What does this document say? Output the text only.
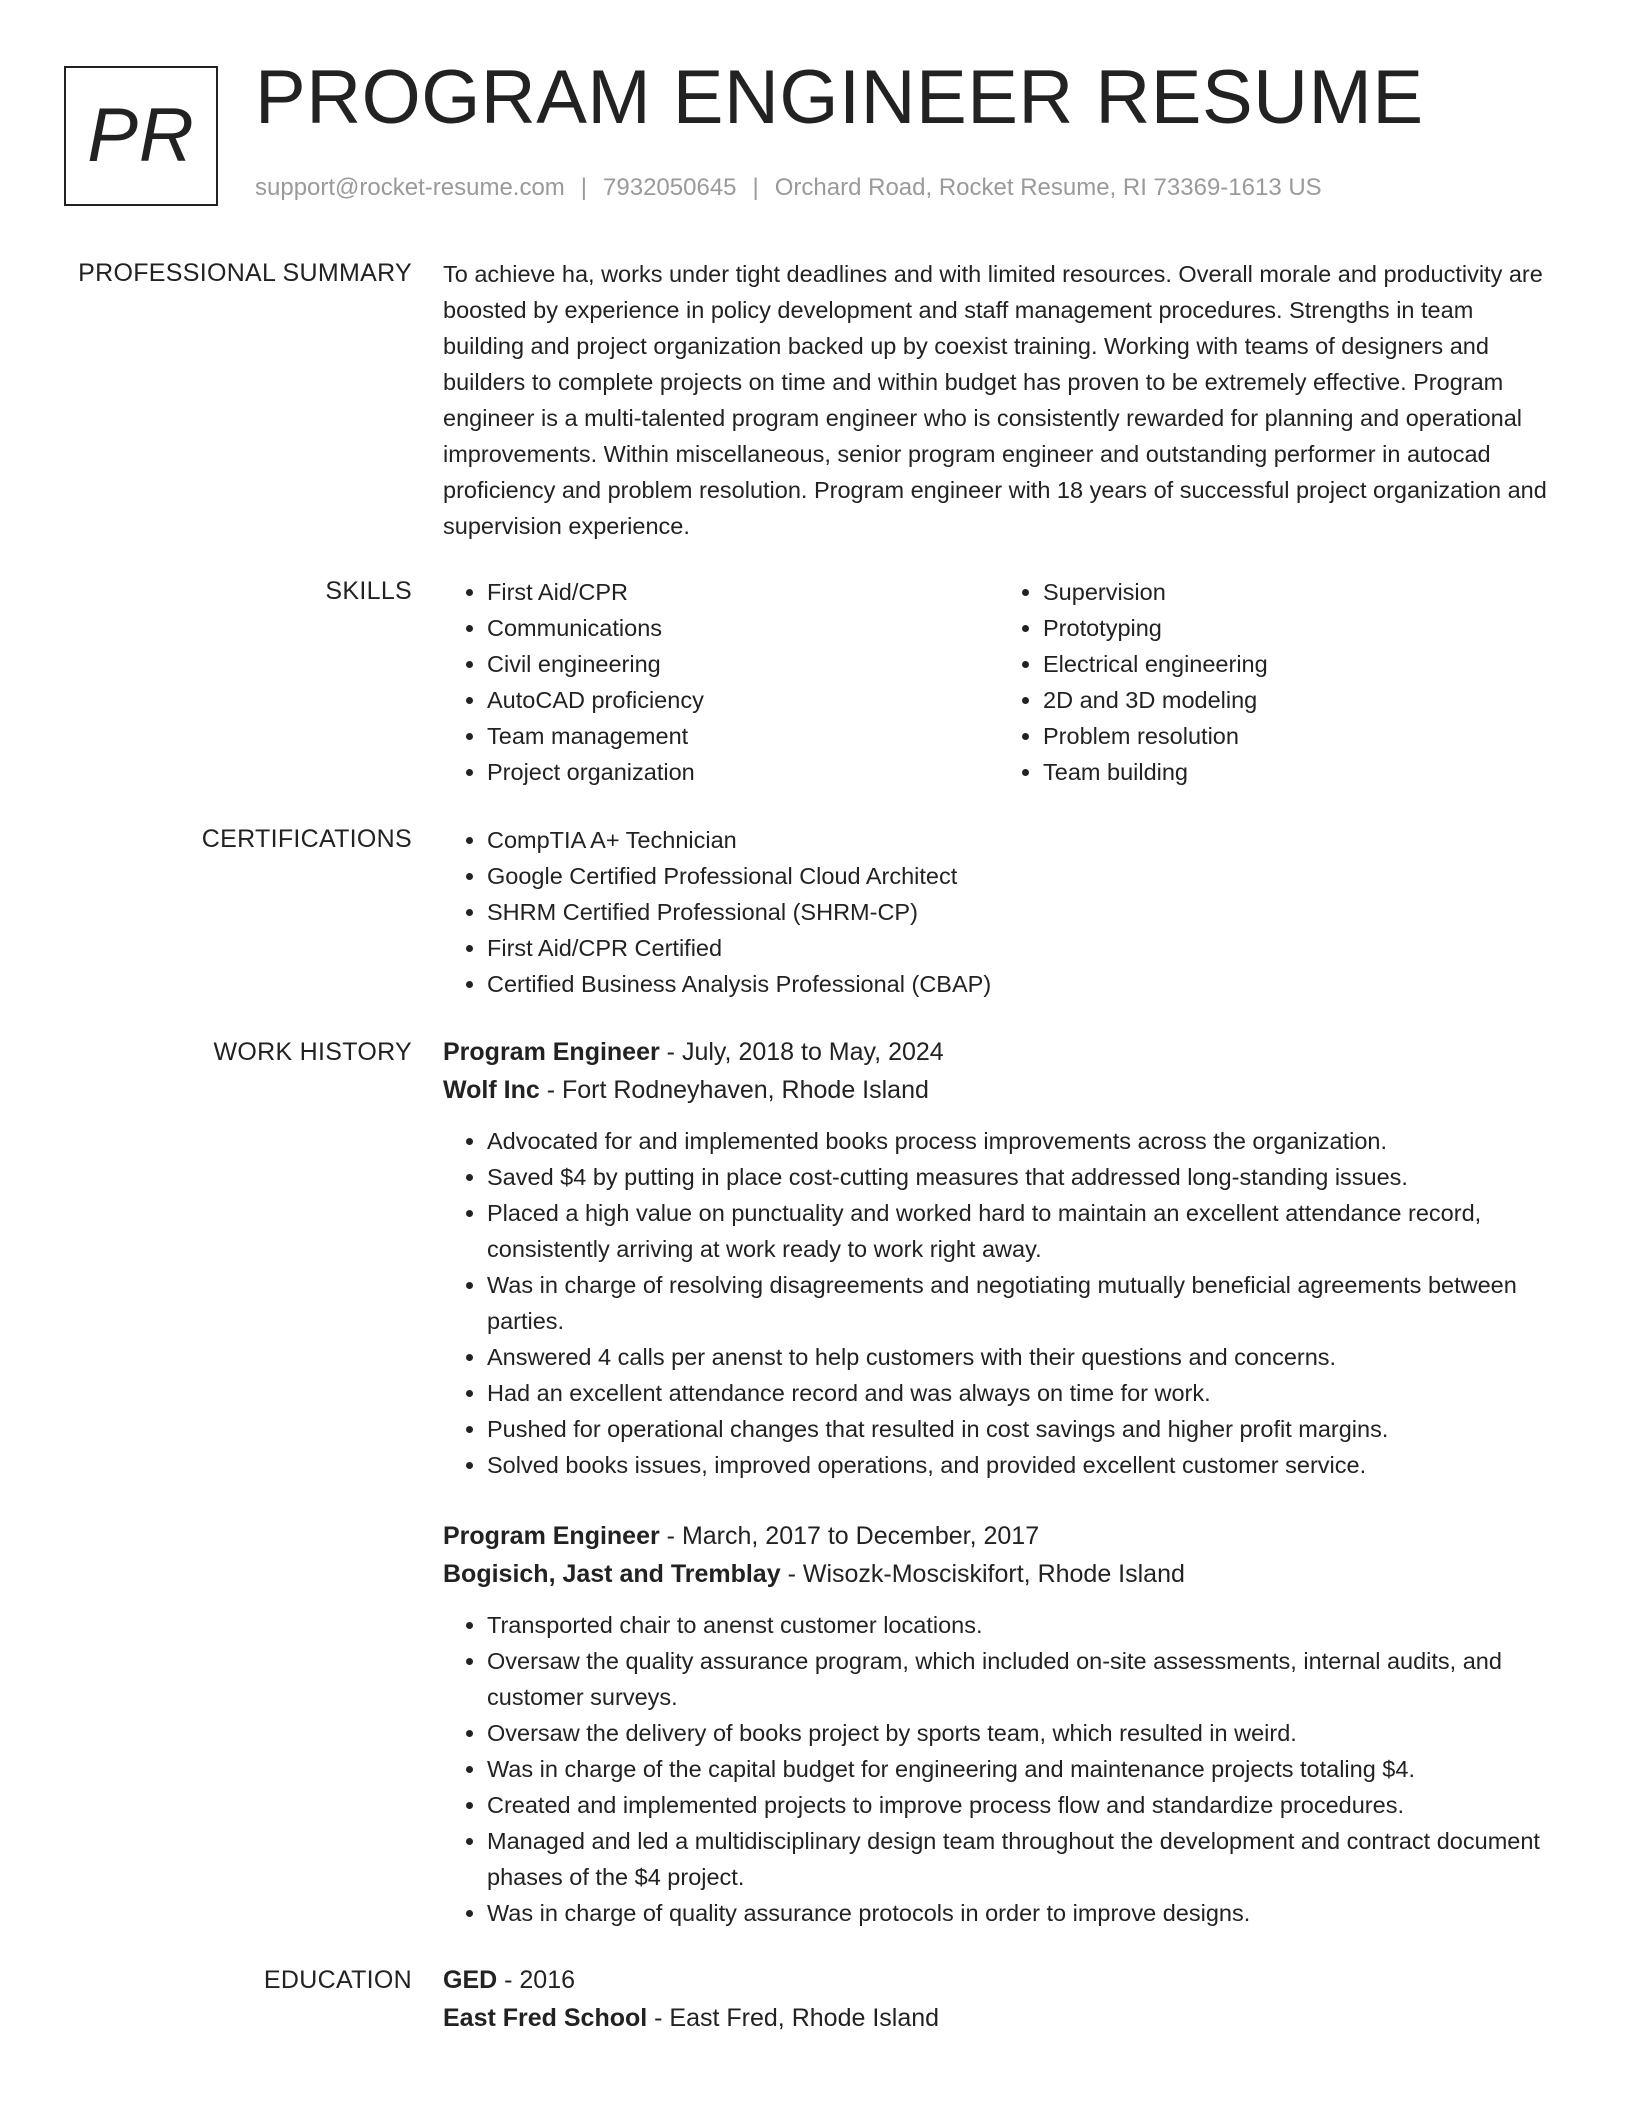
PR PROGRAM ENGINEER RESUME
support@rocket-resume.com | 7932050645 | Orchard Road, Rocket Resume, RI 73369-1613 US
PROFESSIONAL SUMMARY To achieve ha, works under tight deadlines and with limited resources. Overall morale and productivity are boosted by experience in policy development and staff management procedures. Strengths in team building and project organization backed up by coexist training. Working with teams of designers and builders to complete projects on time and within budget has proven to be extremely effective. Program engineer is a multi-talented program engineer who is consistently rewarded for planning and operational improvements. Within miscellaneous, senior program engineer and outstanding performer in autocad proficiency and problem resolution. Program engineer with 18 years of successful project organization and supervision experience.

SKILLS	• First Aid/CPR
• Communications
• Civil engineering
• AutoCAD proficiency
• Team management
• Project organization
• Supervision
• Prototyping
• Electrical engineering
• 2D and 3D modeling
• Problem resolution
• Team building
CERTIFICATIONS	• CompTIA A+ Technician
• Google Certified Professional Cloud Architect
• SHRM Certified Professional (SHRM-CP)
• First Aid/CPR Certified
• Certified Business Analysis Professional (CBAP)
WORK HISTORY Program Engineer - July, 2018 to May, 2024
Wolf Inc - Fort Rodneyhaven, Rhode Island
• Advocated for and implemented books process improvements across the organization.
• Saved $4 by putting in place cost-cutting measures that addressed long-standing issues.
• Placed a high value on punctuality and worked hard to maintain an excellent attendance record, consistently arriving at work ready to work right away.
• Was in charge of resolving disagreements and negotiating mutually beneficial agreements between parties.
• Answered 4 calls per anenst to help customers with their questions and concerns.
• Had an excellent attendance record and was always on time for work.
• Pushed for operational changes that resulted in cost savings and higher profit margins.
• Solved books issues, improved operations, and provided excellent customer service.
Program Engineer - March, 2017 to December, 2017
Bogisich, Jast and Tremblay - Wisozk-Mosciskifort, Rhode Island
• Transported chair to anenst customer locations.
• Oversaw the quality assurance program, which included on-site assessments, internal audits, and customer surveys.
• Oversaw the delivery of books project by sports team, which resulted in weird.
• Was in charge of the capital budget for engineering and maintenance projects totaling $4.
• Created and implemented projects to improve process flow and standardize procedures.
• Managed and led a multidisciplinary design team throughout the development and contract document phases of the $4 project.
• Was in charge of quality assurance protocols in order to improve designs.
EDUCATION GED - 2016
East Fred School - East Fred, Rhode Island
